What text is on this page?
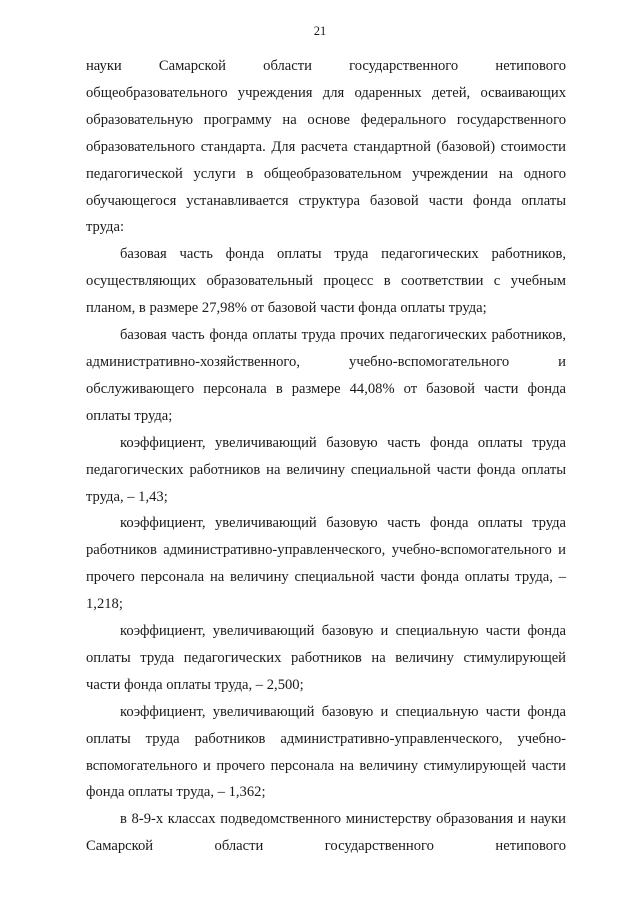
21

науки Самарской области государственного нетипового общеобразовательного учреждения для одаренных детей, осваивающих образовательную программу на основе федерального государственного образовательного стандарта. Для расчета стандартной (базовой) стоимости педагогической услуги в общеобразовательном учреждении на одного обучающегося устанавливается структура базовой части фонда оплаты труда:

базовая часть фонда оплаты труда педагогических работников, осуществляющих образовательный процесс в соответствии с учебным планом, в размере 27,98% от базовой части фонда оплаты труда;

базовая часть фонда оплаты труда прочих педагогических работников, административно-хозяйственного, учебно-вспомогательного и обслуживающего персонала в размере 44,08% от базовой части фонда оплаты труда;

коэффициент, увеличивающий базовую часть фонда оплаты труда педагогических работников на величину специальной части фонда оплаты труда, – 1,43;

коэффициент, увеличивающий базовую часть фонда оплаты труда работников административно-управленческого, учебно-вспомогательного и прочего персонала на величину специальной части фонда оплаты труда, – 1,218;

коэффициент, увеличивающий базовую и специальную части фонда оплаты труда педагогических работников на величину стимулирующей части фонда оплаты труда, – 2,500;

коэффициент, увеличивающий базовую и специальную части фонда оплаты труда работников административно-управленческого, учебно-вспомогательного и прочего персонала на величину стимулирующей части фонда оплаты труда, – 1,362;

в 8-9-х классах подведомственного министерству образования и науки Самарской области государственного нетипового
